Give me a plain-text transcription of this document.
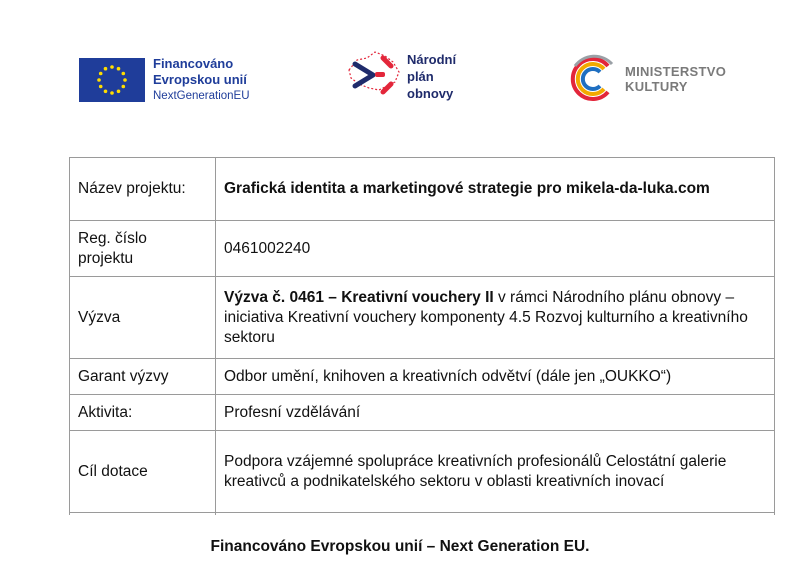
Financováno
Evropskou unií
NextGenerationEU
Národní
plán
obnovy
MINISTERSTVO
KULTURY
Název projektu:	Grafická identita a marketingové strategie pro mikela-da-luka.com
Reg. číslo
projektu	0461002240
Výzva	Výzva č. 0461 – Kreativní vouchery II v rámci Národního plánu obnovy – iniciativa Kreativní vouchery komponenty 4.5 Rozvoj kulturního a kreativního sektoru
Garant výzvy	Odbor umění, knihoven a kreativních odvětví (dále jen „OUKKO“)
Aktivita:	Profesní vzdělávání
Cíl dotace	Podpora vzájemné spolupráce kreativních profesionálů Celostátní galerie kreativců a podnikatelského sektoru v oblasti kreativních inovací

Financováno Evropskou unií – Next Generation EU.
